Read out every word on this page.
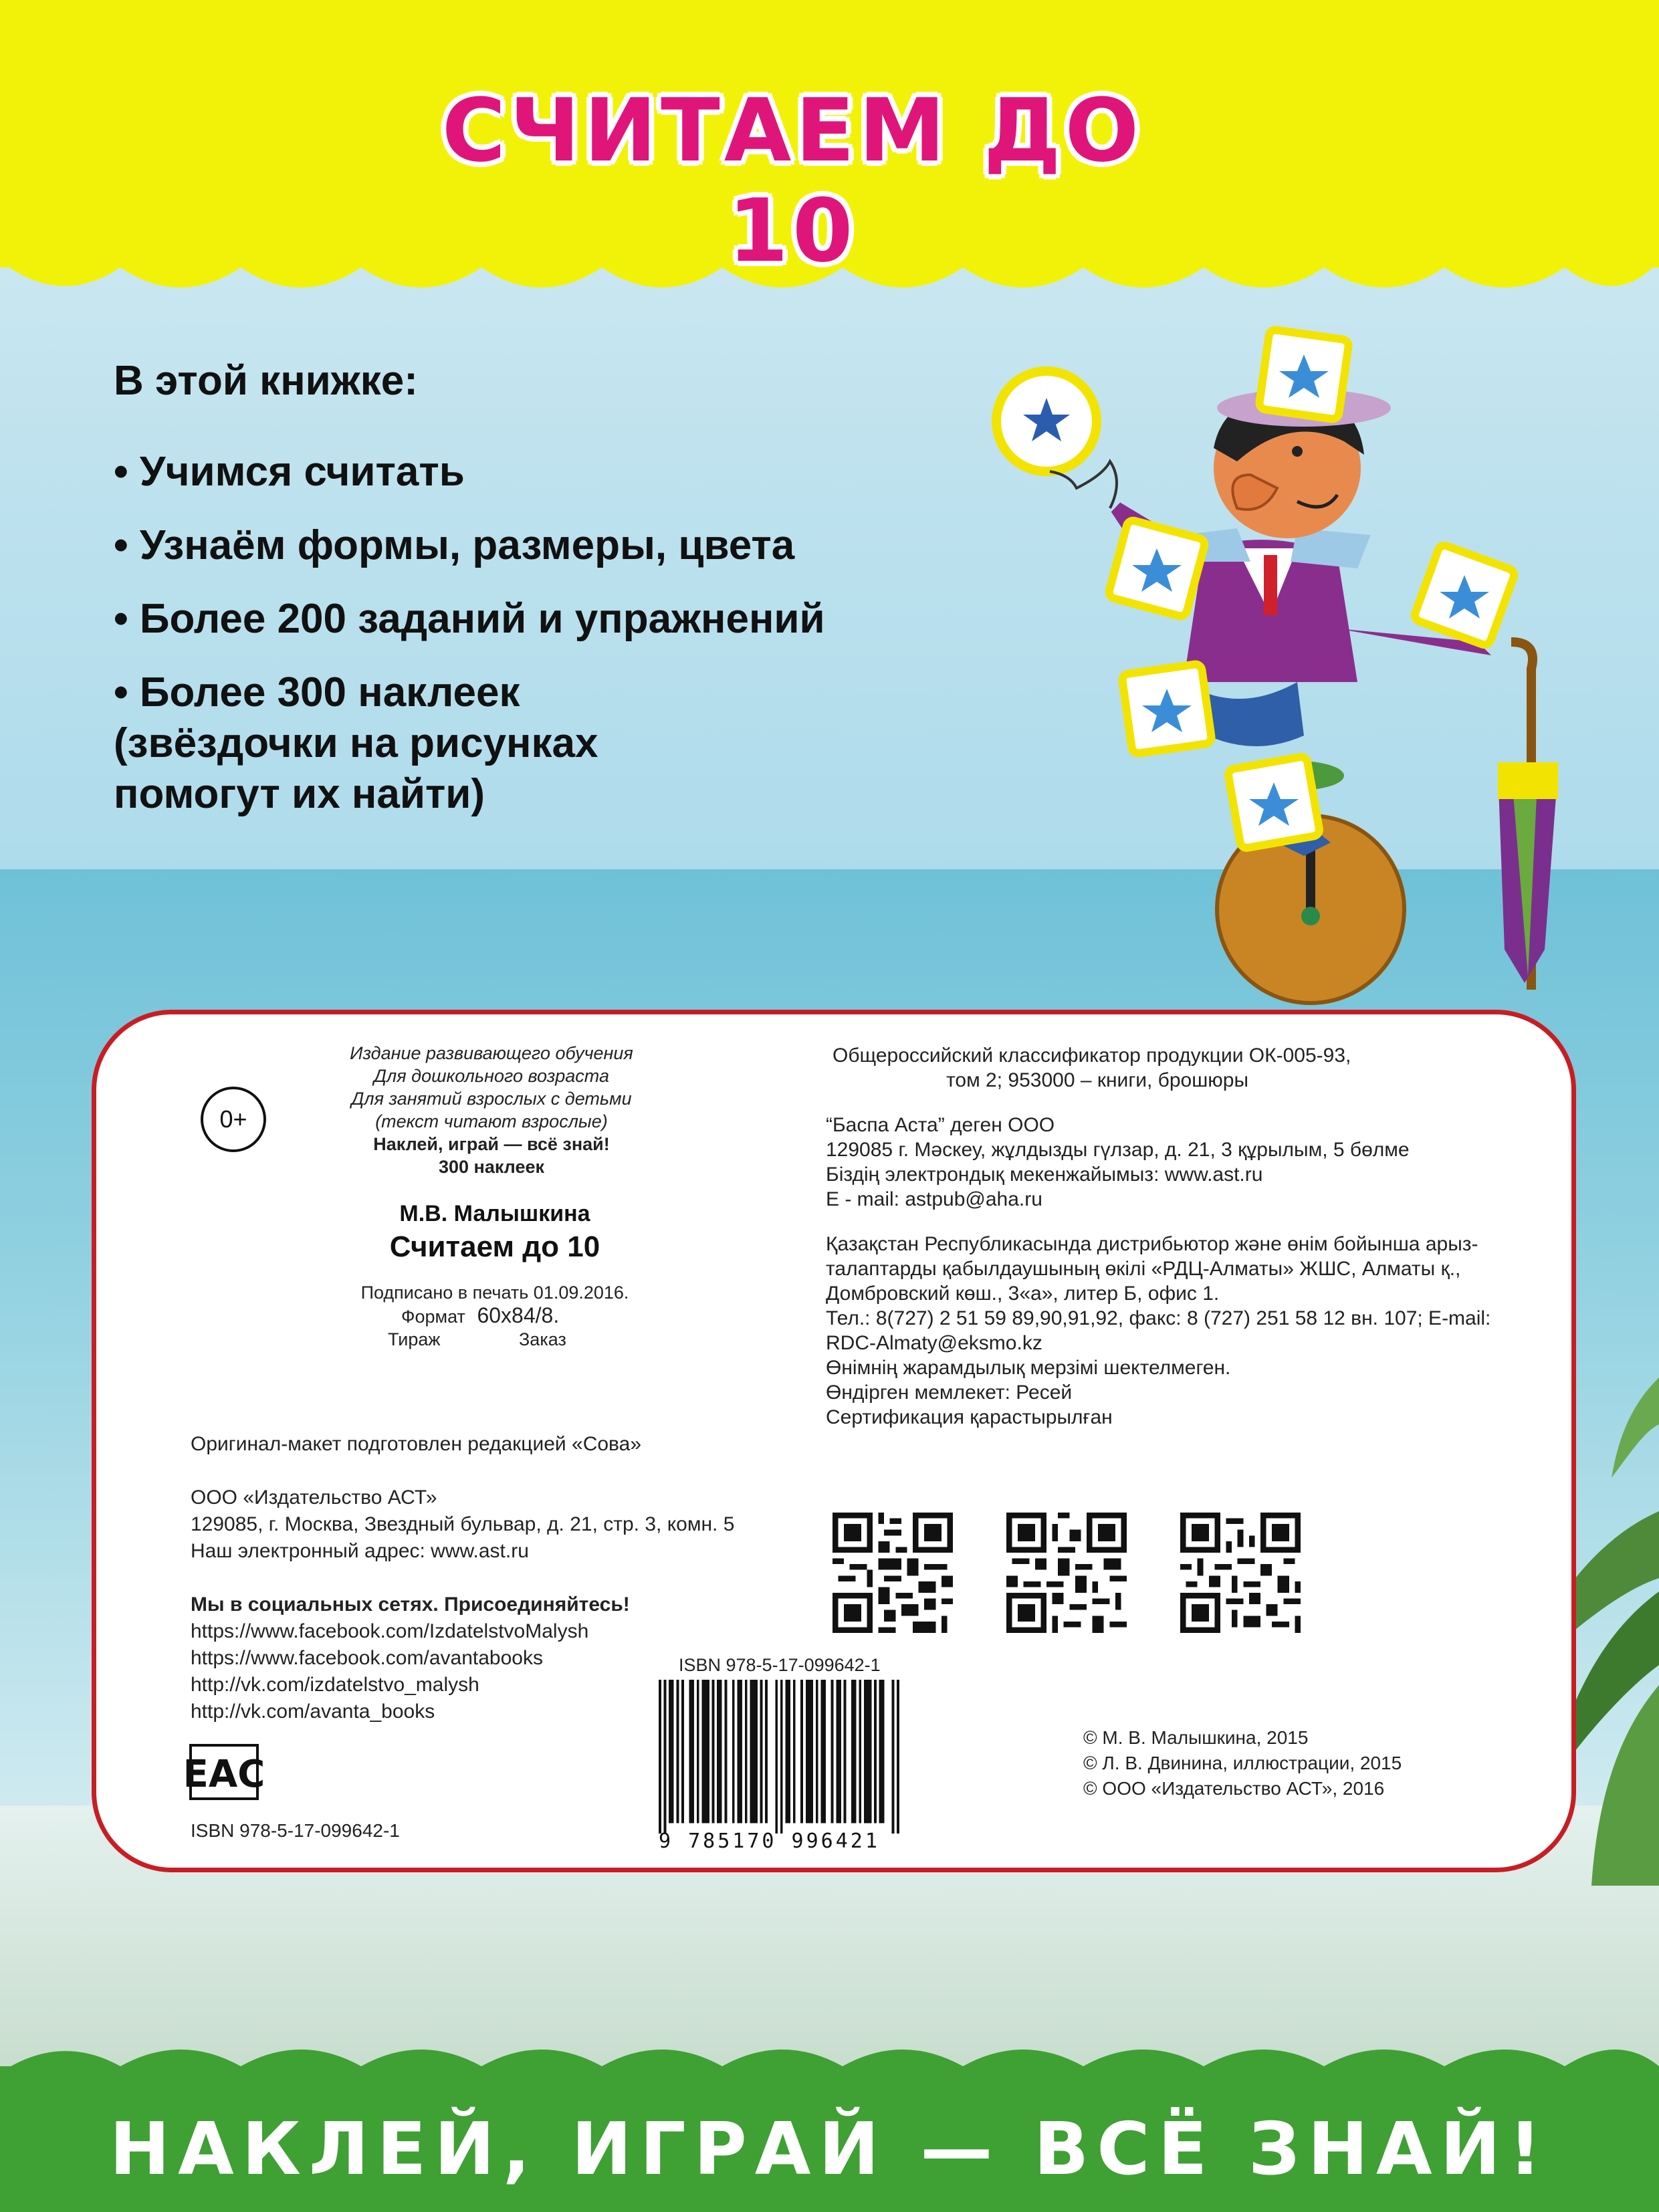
СЧИТАЕМ ДО 10
В этой книжке:
• Учимся считать
• Узнаём формы, размеры, цвета
• Более 200 заданий и упражнений
• Более 300 наклеек
(звёздочки на рисунках
помогут их найти)
0+
Издание развивающего обучения
Для дошкольного возраста
Для занятий взрослых с детьми
(текст читают взрослые)
Наклей, играй — всё знай!
300 наклеек
М.В. Малышкина
Считаем до 10
Подписано в печать 01.09.2016.
Формат 60x84/8.
Тираж	Заказ
Общероссийский классификатор продукции ОК-005-93,
том 2; 953000 – книги, брошюры
“Баспа Аста” деген ООО
129085 г. Мәскеу, жұлдызды гүлзар, д. 21, 3 құрылым, 5 бөлме
Біздің электрондық мекенжайымыз: www.ast.ru
E - mail: astpub@aha.ru
Қазақстан Республикасында дистрибьютор және өнім бойынша арыз-
талаптарды қабылдаушының өкілі «РДЦ-Алматы» ЖШС, Алматы қ.,
Домбровский көш., 3«а», литер Б, офис 1.
Тел.: 8(727) 2 51 59 89,90,91,92, факс: 8 (727) 251 58 12 вн. 107; E-mail:
RDC-Almaty@eksmo.kz
Өнімнің жарамдылық мерзімі шектелмеген.
Өндірген мемлекет: Ресей
Сертификация қарастырылған
Оригинал-макет подготовлен редакцией «Сова»
ООО «Издательство АСТ»
129085, г. Москва, Звездный бульвар, д. 21, стр. 3, комн. 5
Наш электронный адрес: www.ast.ru
Мы в социальных сетях. Присоединяйтесь!
https://www.facebook.com/IzdatelstvoMalysh
https://www.facebook.com/avantabooks
http://vk.com/izdatelstvo_malysh
http://vk.com/avanta_books
ISBN 978-5-17-099642-1
9 785170 996421
EAC
ISBN 978-5-17-099642-1
© М. В. Малышкина, 2015
© Л. В. Двинина, иллюстрации, 2015
© ООО «Издательство АСТ», 2016
НАКЛЕЙ, ИГРАЙ — ВСЁ ЗНАЙ!
